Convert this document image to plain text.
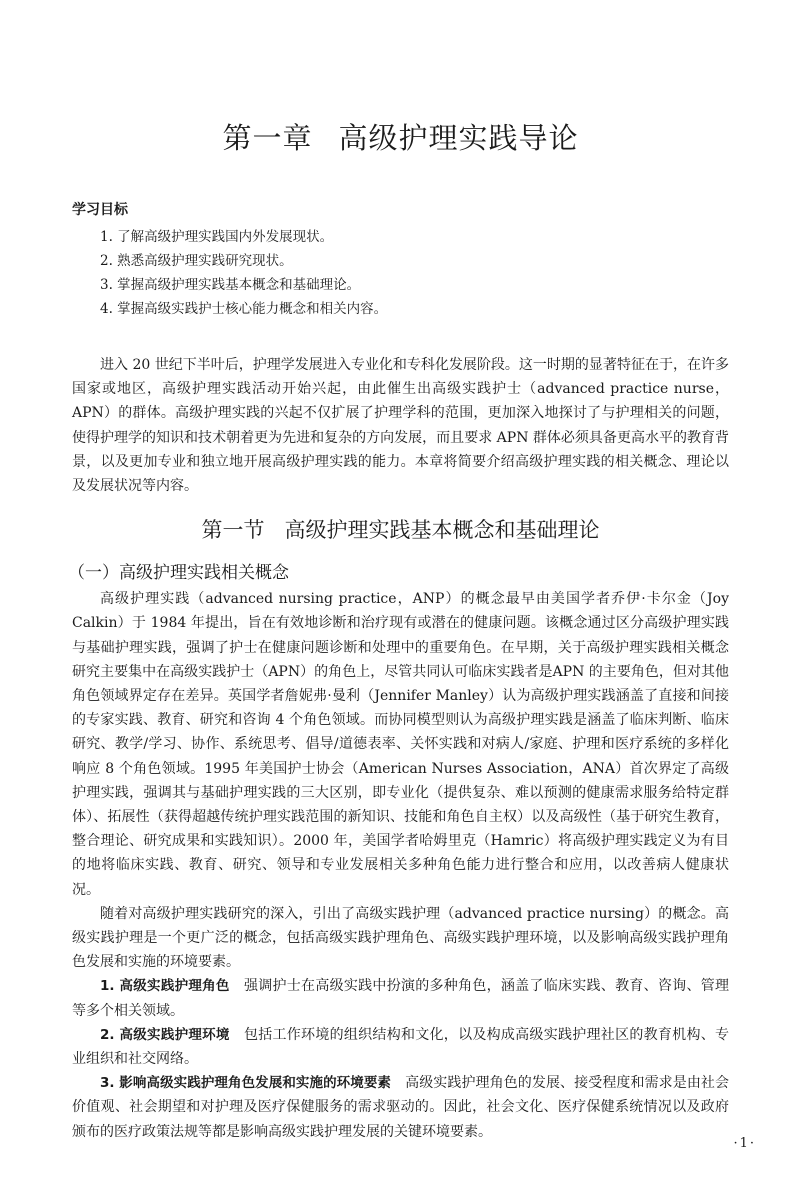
第一章 高级护理实践导论
学习目标
1. 了解高级护理实践国内外发展现状。
2. 熟悉高级护理实践研究现状。
3. 掌握高级护理实践基本概念和基础理论。
4. 掌握高级实践护士核心能力概念和相关内容。

进入 20 世纪下半叶后，护理学发展进入专业化和专科化发展阶段。这一时期的显著特征在于，在许多国家或地区，高级护理实践活动开始兴起，由此催生出高级实践护士（advanced practice nurse，APN）的群体。高级护理实践的兴起不仅扩展了护理学科的范围，更加深入地探讨了与护理相关的问题，使得护理学的知识和技术朝着更为先进和复杂的方向发展，而且要求 APN 群体必须具备更高水平的教育背景，以及更加专业和独立地开展高级护理实践的能力。本章将简要介绍高级护理实践的相关概念、理论以及发展状况等内容。

第一节 高级护理实践基本概念和基础理论
（一）高级护理实践相关概念

高级护理实践（advanced nursing practice，ANP）的概念最早由美国学者乔伊·卡尔金（Joy Calkin）于 1984 年提出，旨在有效地诊断和治疗现有或潜在的健康问题。该概念通过区分高级护理实践与基础护理实践，强调了护士在健康问题诊断和处理中的重要角色。在早期，关于高级护理实践相关概念研究主要集中在高级实践护士（APN）的角色上，尽管共同认可临床实践者是APN 的主要角色，但对其他角色领域界定存在差异。英国学者詹妮弗·曼利（Jennifer Manley）认为高级护理实践涵盖了直接和间接的专家实践、教育、研究和咨询 4 个角色领域。而协同模型则认为高级护理实践是涵盖了临床判断、临床研究、教学/学习、协作、系统思考、倡导/道德表率、关怀实践和对病人/家庭、护理和医疗系统的多样化响应 8 个角色领域。1995 年美国护士协会（American Nurses Association，ANA）首次界定了高级护理实践，强调其与基础护理实践的三大区别，即专业化（提供复杂、难以预测的健康需求服务给特定群体）、拓展性（获得超越传统护理实践范围的新知识、技能和角色自主权）以及高级性（基于研究生教育，整合理论、研究成果和实践知识）。2000 年，美国学者哈姆里克（Hamric）将高级护理实践定义为有目的地将临床实践、教育、研究、领导和专业发展相关多种角色能力进行整合和应用，以改善病人健康状况。

随着对高级护理实践研究的深入，引出了高级实践护理（advanced practice nursing）的概念。高级实践护理是一个更广泛的概念，包括高级实践护理角色、高级实践护理环境，以及影响高级实践护理角色发展和实施的环境要素。

1. 高级实践护理角色 强调护士在高级实践中扮演的多种角色，涵盖了临床实践、教育、咨询、管理等多个相关领域。

2. 高级实践护理环境 包括工作环境的组织结构和文化，以及构成高级实践护理社区的教育机构、专业组织和社交网络。

3. 影响高级实践护理角色发展和实施的环境要素 高级实践护理角色的发展、接受程度和需求是由社会价值观、社会期望和对护理及医疗保健服务的需求驱动的。因此，社会文化、医疗保健系统情况以及政府颁布的医疗政策法规等都是影响高级实践护理发展的关键环境要素。

·1·
